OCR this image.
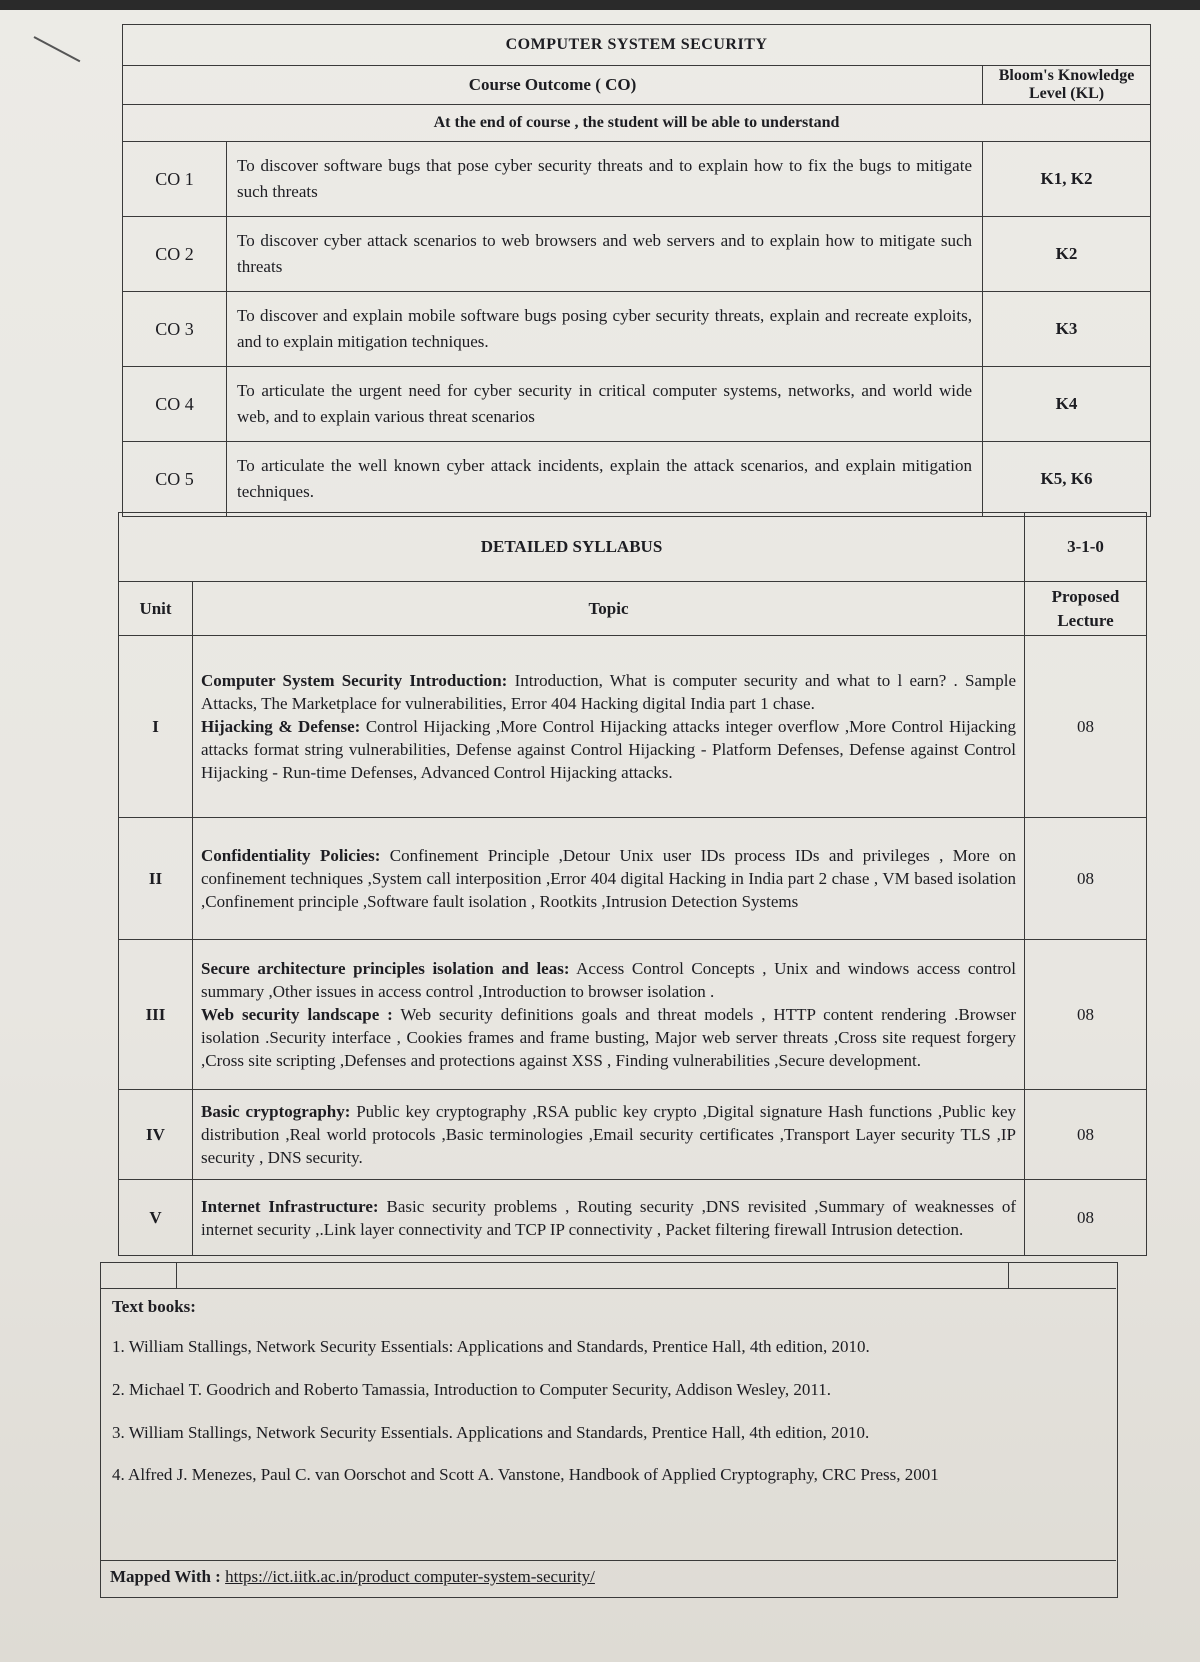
COMPUTER SYSTEM SECURITY		
Course Outcome ( CO)		Bloom's Knowledge Level (KL)
At the end of course , the student will be able to understand		
CO 1	To discover software bugs that pose cyber security threats and to explain how to fix the bugs to mitigate such threats	K1, K2
CO 2	To discover cyber attack scenarios to web browsers and web servers and to explain how to mitigate such threats	K2
CO 3	To discover and explain mobile software bugs posing cyber security threats, explain and recreate exploits, and to explain mitigation techniques.	K3
CO 4	To articulate the urgent need for cyber security in critical computer systems, networks, and world wide web, and to explain various threat scenarios	K4
CO 5	To articulate the well known cyber attack incidents, explain the attack scenarios, and explain mitigation techniques.	K5, K6
DETAILED SYLLABUS		3-1-0
Unit	Topic	Proposed Lecture
I	Computer System Security Introduction: Introduction, What is computer security and what to l earn? . Sample Attacks, The Marketplace for vulnerabilities, Error 404 Hacking digital India part 1 chase.
Hijacking & Defense: Control Hijacking ,More Control Hijacking attacks integer overflow ,More Control Hijacking attacks format string vulnerabilities, Defense against Control Hijacking - Platform Defenses, Defense against Control Hijacking - Run-time Defenses, Advanced Control Hijacking attacks.	08
II	Confidentiality Policies: Confinement Principle ,Detour Unix user IDs process IDs and privileges , More on confinement techniques ,System call interposition ,Error 404 digital Hacking in India part 2 chase , VM based isolation ,Confinement principle ,Software fault isolation , Rootkits ,Intrusion Detection Systems	08
III	Secure architecture principles isolation and leas: Access Control Concepts , Unix and windows access control summary ,Other issues in access control ,Introduction to browser isolation .
Web security landscape : Web security definitions goals and threat models , HTTP content rendering .Browser isolation .Security interface , Cookies frames and frame busting, Major web server threats ,Cross site request forgery ,Cross site scripting ,Defenses and protections against XSS , Finding vulnerabilities ,Secure development.	08
IV	Basic cryptography: Public key cryptography ,RSA public key crypto ,Digital signature Hash functions ,Public key distribution ,Real world protocols ,Basic terminologies ,Email security certificates ,Transport Layer security TLS ,IP security , DNS security.	08
V	Internet Infrastructure: Basic security problems , Routing security ,DNS revisited ,Summary of weaknesses of internet security ,.Link layer connectivity and TCP IP connectivity , Packet filtering firewall Intrusion detection.	08
Text books:
1. William Stallings, Network Security Essentials: Applications and Standards, Prentice Hall, 4th edition, 2010.
2. Michael T. Goodrich and Roberto Tamassia, Introduction to Computer Security, Addison Wesley, 2011.
3. William Stallings, Network Security Essentials. Applications and Standards, Prentice Hall, 4th edition, 2010.
4. Alfred J. Menezes, Paul C. van Oorschot and Scott A. Vanstone, Handbook of Applied Cryptography, CRC Press, 2001
Mapped With : https://ict.iitk.ac.in/product computer-system-security/
